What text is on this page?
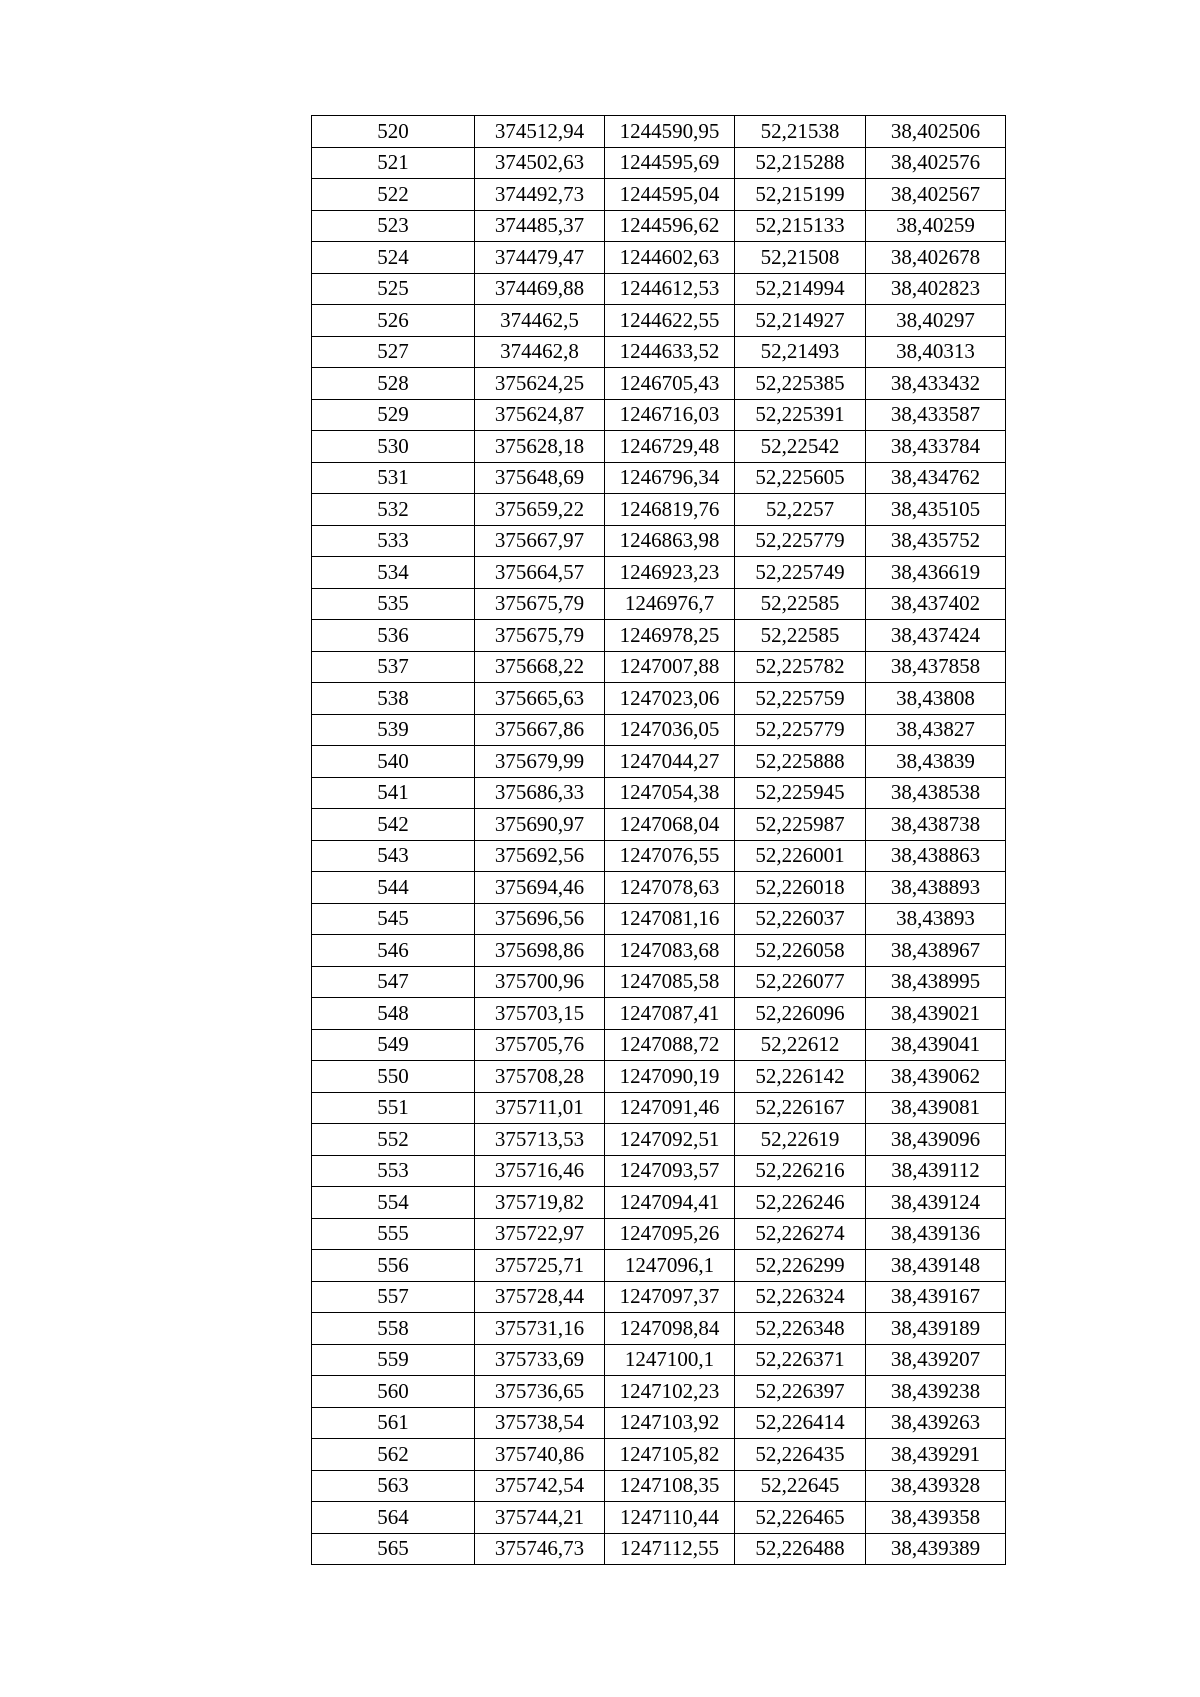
520	374512,94	1244590,95	52,21538	38,402506
521	374502,63	1244595,69	52,215288	38,402576
522	374492,73	1244595,04	52,215199	38,402567
523	374485,37	1244596,62	52,215133	38,40259
524	374479,47	1244602,63	52,21508	38,402678
525	374469,88	1244612,53	52,214994	38,402823
526	374462,5	1244622,55	52,214927	38,40297
527	374462,8	1244633,52	52,21493	38,40313
528	375624,25	1246705,43	52,225385	38,433432
529	375624,87	1246716,03	52,225391	38,433587
530	375628,18	1246729,48	52,22542	38,433784
531	375648,69	1246796,34	52,225605	38,434762
532	375659,22	1246819,76	52,2257	38,435105
533	375667,97	1246863,98	52,225779	38,435752
534	375664,57	1246923,23	52,225749	38,436619
535	375675,79	1246976,7	52,22585	38,437402
536	375675,79	1246978,25	52,22585	38,437424
537	375668,22	1247007,88	52,225782	38,437858
538	375665,63	1247023,06	52,225759	38,43808
539	375667,86	1247036,05	52,225779	38,43827
540	375679,99	1247044,27	52,225888	38,43839
541	375686,33	1247054,38	52,225945	38,438538
542	375690,97	1247068,04	52,225987	38,438738
543	375692,56	1247076,55	52,226001	38,438863
544	375694,46	1247078,63	52,226018	38,438893
545	375696,56	1247081,16	52,226037	38,43893
546	375698,86	1247083,68	52,226058	38,438967
547	375700,96	1247085,58	52,226077	38,438995
548	375703,15	1247087,41	52,226096	38,439021
549	375705,76	1247088,72	52,22612	38,439041
550	375708,28	1247090,19	52,226142	38,439062
551	375711,01	1247091,46	52,226167	38,439081
552	375713,53	1247092,51	52,22619	38,439096
553	375716,46	1247093,57	52,226216	38,439112
554	375719,82	1247094,41	52,226246	38,439124
555	375722,97	1247095,26	52,226274	38,439136
556	375725,71	1247096,1	52,226299	38,439148
557	375728,44	1247097,37	52,226324	38,439167
558	375731,16	1247098,84	52,226348	38,439189
559	375733,69	1247100,1	52,226371	38,439207
560	375736,65	1247102,23	52,226397	38,439238
561	375738,54	1247103,92	52,226414	38,439263
562	375740,86	1247105,82	52,226435	38,439291
563	375742,54	1247108,35	52,22645	38,439328
564	375744,21	1247110,44	52,226465	38,439358
565	375746,73	1247112,55	52,226488	38,439389
